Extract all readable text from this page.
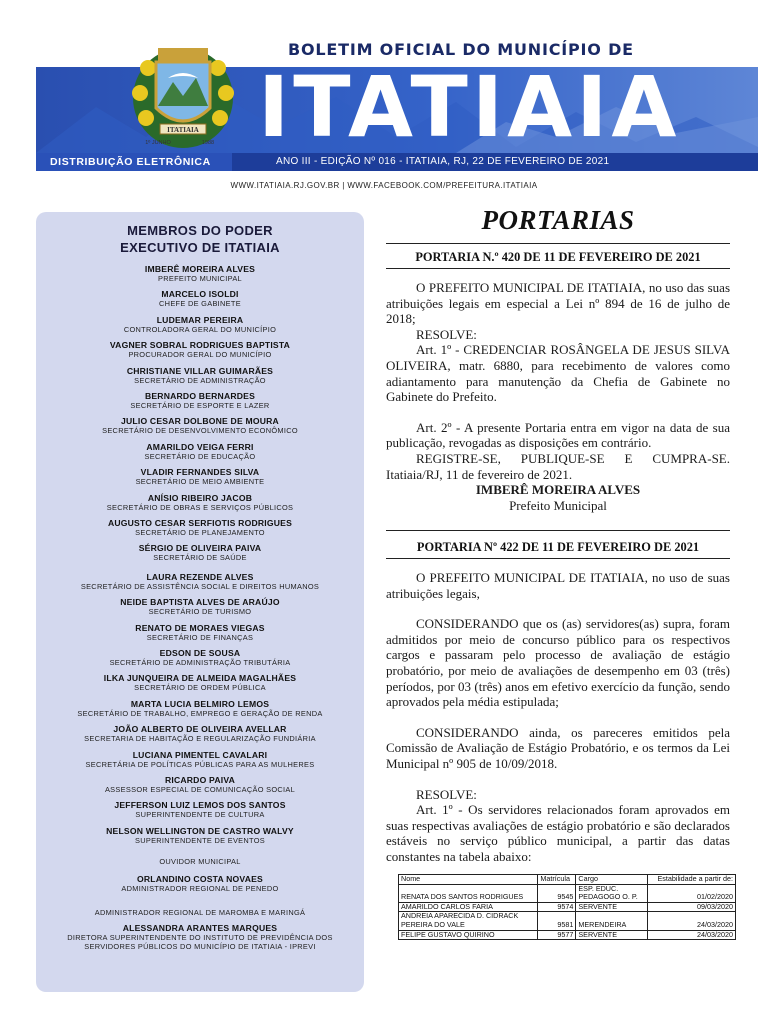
BOLETIM OFICIAL DO MUNICÍPIO DE
ITATIAIA
ITATIAIA
1º JUNHO	1988
DISTRIBUIÇÃO ELETRÔNICA	ANO III - EDIÇÃO Nº 016 - ITATIAIA, RJ, 22 DE FEVEREIRO DE 2021
WWW.ITATIAIA.RJ.GOV.BR | WWW.FACEBOOK.COM/PREFEITURA.ITATIAIA
MEMBROS DO PODER
EXECUTIVO DE ITATIAIA
IMBERÊ MOREIRA ALVES
PREFEITO MUNICIPAL
MARCELO ISOLDI
CHEFE DE GABINETE
LUDEMAR PEREIRA
CONTROLADORA GERAL DO MUNICÍPIO
VAGNER SOBRAL RODRIGUES BAPTISTA
PROCURADOR GERAL DO MUNICÍPIO
CHRISTIANE VILLAR GUIMARÃES
SECRETÁRIO DE ADMINISTRAÇÃO
BERNARDO BERNARDES
SECRETÁRIO DE ESPORTE E LAZER
JULIO CESAR DOLBONE DE MOURA
SECRETÁRIO DE DESENVOLVIMENTO ECONÔMICO
AMARILDO VEIGA FERRI
SECRETÁRIO DE EDUCAÇÃO
VLADIR FERNANDES SILVA
SECRETÁRIO DE MEIO AMBIENTE
ANÍSIO RIBEIRO JACOB
SECRETÁRIO DE OBRAS E SERVIÇOS PÚBLICOS
AUGUSTO CESAR SERFIOTIS RODRIGUES
SECRETÁRIO DE PLANEJAMENTO
SÉRGIO DE OLIVEIRA PAIVA
SECRETÁRIO DE SAÚDE
LAURA REZENDE ALVES
SECRETÁRIO DE ASSISTÊNCIA SOCIAL E DIREITOS HUMANOS
NEIDE BAPTISTA ALVES DE ARAÚJO
SECRETÁRIO DE TURISMO
RENATO DE MORAES VIEGAS
SECRETÁRIO DE FINANÇAS
EDSON DE SOUSA
SECRETÁRIO DE ADMINISTRAÇÃO TRIBUTÁRIA
ILKA JUNQUEIRA DE ALMEIDA MAGALHÃES
SECRETÁRIO DE ORDEM PÚBLICA
MARTA LUCIA BELMIRO LEMOS
SECRETÁRIO DE TRABALHO, EMPREGO E GERAÇÃO DE RENDA
JOÃO ALBERTO DE OLIVEIRA AVELLAR
SECRETARIA DE HABITAÇÃO E REGULARIZAÇÃO FUNDIÁRIA
LUCIANA PIMENTEL CAVALARI
SECRETÁRIA DE POLÍTICAS PÚBLICAS PARA AS MULHERES
RICARDO PAIVA
ASSESSOR ESPECIAL DE COMUNICAÇÃO SOCIAL
JEFFERSON LUIZ LEMOS DOS SANTOS
SUPERINTENDENTE DE CULTURA
NELSON WELLINGTON DE CASTRO WALVY
SUPERINTENDENTE DE EVENTOS
OUVIDOR MUNICIPAL
ORLANDINO COSTA NOVAES
ADMINISTRADOR REGIONAL DE PENEDO
ADMINISTRADOR REGIONAL DE MAROMBA E MARINGÁ
ALESSANDRA ARANTES MARQUES
DIRETORA SUPERINTENDENTE DO INSTITUTO DE PREVIDÊNCIA DOS
SERVIDORES PÚBLICOS DO MUNICÍPIO DE ITATIAIA - IPREVI
PORTARIAS
PORTARIA N.º 420 DE 11 DE FEVEREIRO DE 2021

O PREFEITO MUNICIPAL DE ITATIAIA, no uso das suas atribuições legais em especial a Lei nº 894 de 16 de julho de 2018;

RESOLVE:

Art. 1º - CREDENCIAR ROSÂNGELA DE JESUS SILVA OLIVEIRA, matr. 6880, para recebimento de valores como adiantamento para manutenção da Chefia de Gabinete no Gabinete do Prefeito.

Art. 2º - A presente Portaria entra em vigor na data de sua publicação, revogadas as disposições em contrário.

REGISTRE-SE, PUBLIQUE-SE E CUMPRA-SE. Itatiaia/RJ, 11 de fevereiro de 2021.

IMBERÊ MOREIRA ALVES

Prefeito Municipal

PORTARIA Nº 422 DE 11 DE FEVEREIRO DE 2021

O PREFEITO MUNICIPAL DE ITATIAIA, no uso de suas atribuições legais,

CONSIDERANDO que os (as) servidores(as) supra, foram admitidos por meio de concurso público para os respectivos cargos e passaram pelo processo de avaliação de estágio probatório, por meio de avaliações de desempenho em 03 (três) períodos, por 03 (três) anos em efetivo exercício da função, sendo aprovados pela média estipulada;

CONSIDERANDO ainda, os pareceres emitidos pela Comissão de Avaliação de Estágio Probatório, e os termos da Lei Municipal nº 905 de 10/09/2018.

RESOLVE:

Art. 1º - Os servidores relacionados foram aprovados em suas respectivas avaliações de estágio probatório e são declarados estáveis no serviço público municipal, a partir das datas constantes na tabela abaixo:

Nome	Matrícula	Cargo	Estabilidade a partir de:
RENATA DOS SANTOS RODRIGUES	9545	ESP. EDUC. PEDAGOGO O. P.	01/02/2020
AMARILDO CARLOS FARIA	9574	SERVENTE	09/03/2020
ANDREIA APARECIDA D. CIDRACK PEREIRA DO VALE	9581	MERENDEIRA	24/03/2020
FELIPE GUSTAVO QUIRINO	9577	SERVENTE	24/03/2020
